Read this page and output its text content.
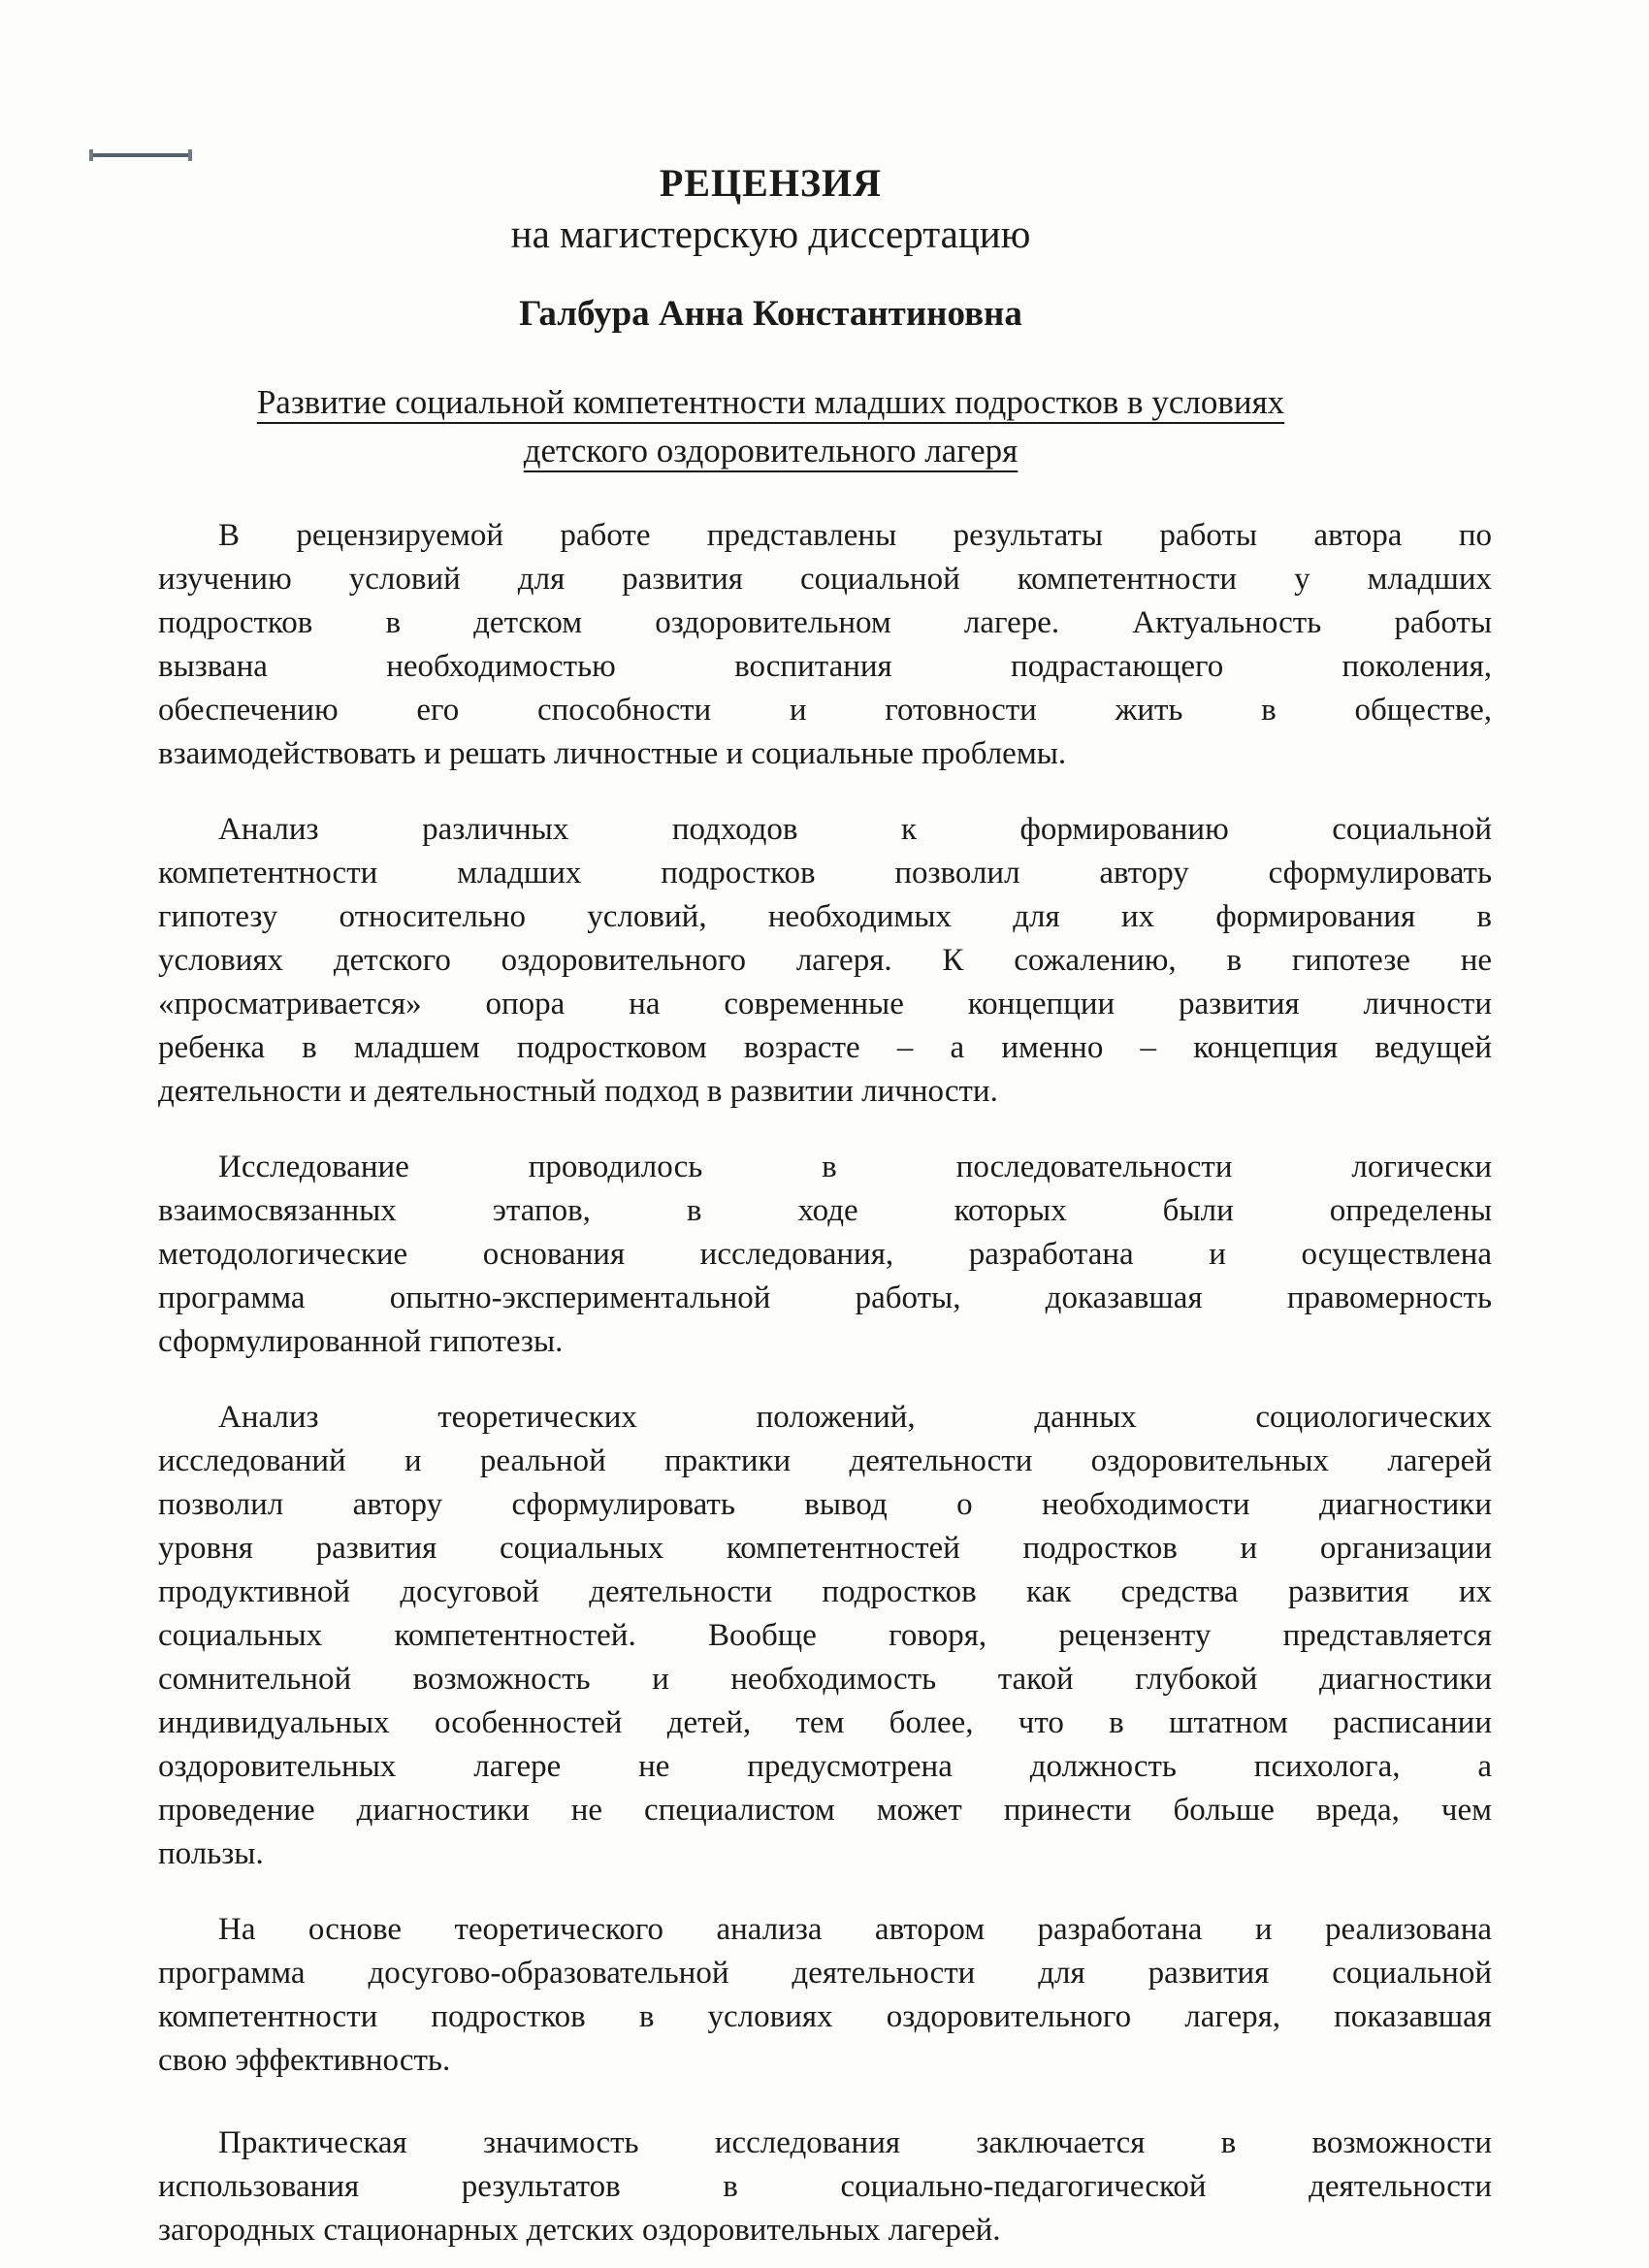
РЕЦЕНЗИЯ
на магистерскую диссертацию
Галбура Анна Константиновна
Развитие социальной компетентности младших подростков в условиях
детского оздоровительного лагеря

В рецензируемой работе представлены результаты работы автора по
изучению условий для развития социальной компетентности у младших
подростков в детском оздоровительном лагере. Актуальность работы
вызвана необходимостью воспитания подрастающего поколения,
обеспечению его способности и готовности жить в обществе,
взаимодействовать и решать личностные и социальные проблемы.

Анализ различных подходов к формированию социальной
компетентности младших подростков позволил автору сформулировать
гипотезу относительно условий, необходимых для их формирования в
условиях детского оздоровительного лагеря. К сожалению, в гипотезе не
«просматривается» опора на современные концепции развития личности
ребенка в младшем подростковом возрасте – а именно – концепция ведущей
деятельности и деятельностный подход в развитии личности.

Исследование проводилось в последовательности логически
взаимосвязанных этапов, в ходе которых были определены
методологические основания исследования, разработана и осуществлена
программа опытно-экспериментальной работы, доказавшая правомерность
сформулированной гипотезы.

Анализ теоретических положений, данных социологических
исследований и реальной практики деятельности оздоровительных лагерей
позволил автору сформулировать вывод о необходимости диагностики
уровня развития социальных компетентностей подростков и организации
продуктивной досуговой деятельности подростков как средства развития их
социальных компетентностей. Вообще говоря, рецензенту представляется
сомнительной возможность и необходимость такой глубокой диагностики
индивидуальных особенностей детей, тем более, что в штатном расписании
оздоровительных лагере не предусмотрена должность психолога, а
проведение диагностики не специалистом может принести больше вреда, чем
пользы.

На основе теоретического анализа автором разработана и реализована
программа досугово-образовательной деятельности для развития социальной
компетентности подростков в условиях оздоровительного лагеря, показавшая
свою эффективность.

Практическая значимость исследования заключается в возможности
использования результатов в социально-педагогической деятельности
загородных стационарных детских оздоровительных лагерей.
